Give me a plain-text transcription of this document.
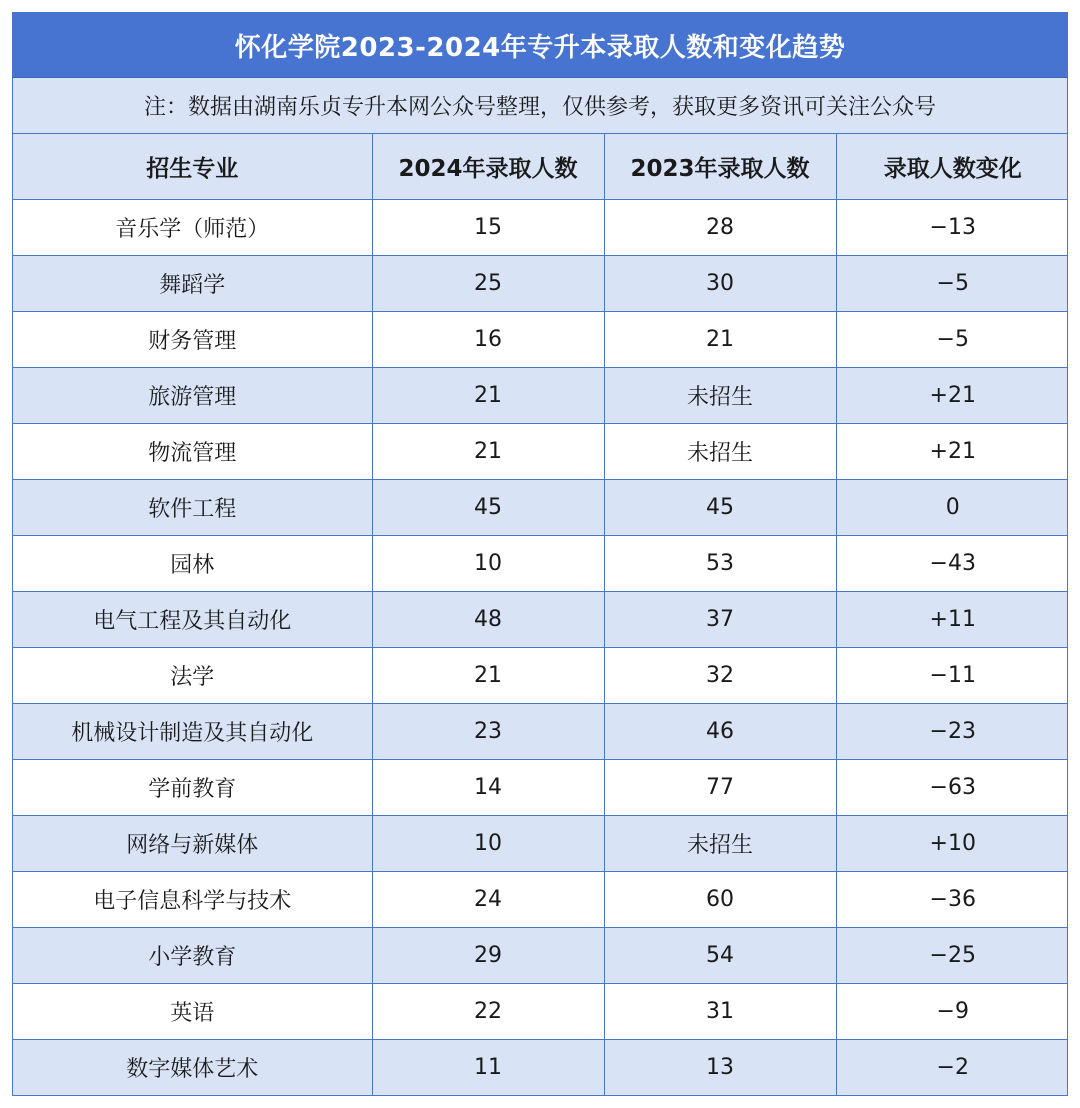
怀化学院2023-2024年专升本录取人数和变化趋势
注：数据由湖南乐贞专升本网公众号整理，仅供参考，获取更多资讯可关注公众号
招生专业	2024年录取人数	2023年录取人数	录取人数变化
音乐学（师范）	15	28	−13
舞蹈学	25	30	−5
财务管理	16	21	−5
旅游管理	21	未招生	+21
物流管理	21	未招生	+21
软件工程	45	45	0
园林	10	53	−43
电气工程及其自动化	48	37	+11
法学	21	32	−11
机械设计制造及其自动化	23	46	−23
学前教育	14	77	−63
网络与新媒体	10	未招生	+10
电子信息科学与技术	24	60	−36
小学教育	29	54	−25
英语	22	31	−9
数字媒体艺术	11	13	−2
